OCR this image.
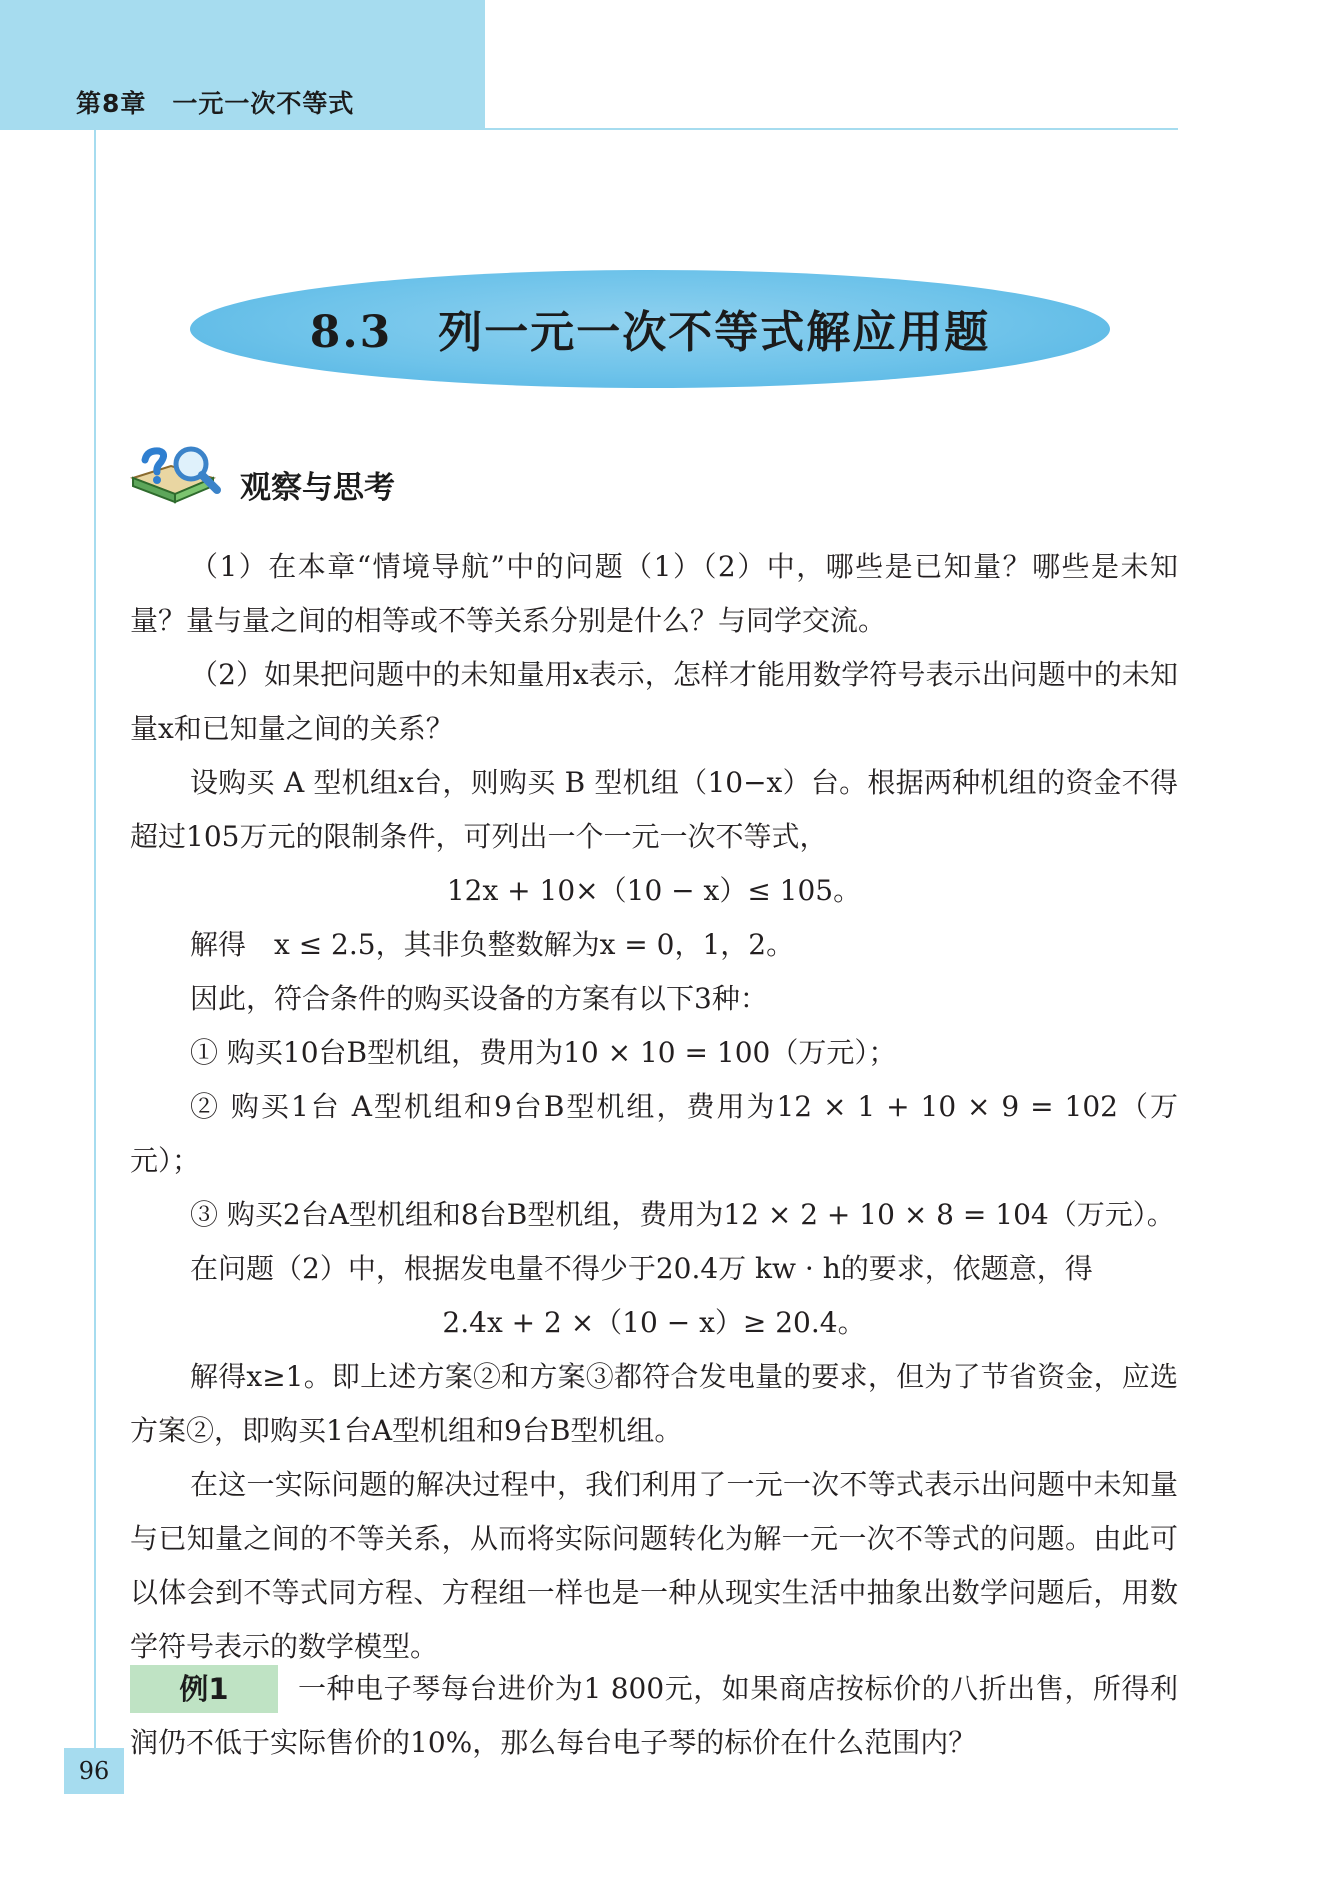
第8章　一元一次不等式
8.3　列一元一次不等式解应用题
观察与思考
（1）在本章“情境导航”中的问题（1）（2）中，哪些是已知量？哪些是未知量？量与量之间的相等或不等关系分别是什么？与同学交流。
（2）如果把问题中的未知量用x表示，怎样才能用数学符号表示出问题中的未知量x和已知量之间的关系？
设购买 A 型机组x台，则购买 B 型机组（10−x）台。根据两种机组的资金不得超过105万元的限制条件，可列出一个一元一次不等式，
12x + 10×（10 − x）≤ 105。
解得　x ≤ 2.5，其非负整数解为x = 0，1，2。
因此，符合条件的购买设备的方案有以下3种：
① 购买10台B型机组，费用为10 × 10 = 100（万元）；
② 购买1台 A型机组和9台B型机组，费用为12 × 1 + 10 × 9 = 102（万元）；
③ 购买2台A型机组和8台B型机组，费用为12 × 2 + 10 × 8 = 104（万元）。
在问题（2）中，根据发电量不得少于20.4万 kw · h的要求，依题意，得
2.4x + 2 ×（10 − x）≥ 20.4。
解得x≥1。即上述方案②和方案③都符合发电量的要求，但为了节省资金，应选方案②，即购买1台A型机组和9台B型机组。
在这一实际问题的解决过程中，我们利用了一元一次不等式表示出问题中未知量与已知量之间的不等关系，从而将实际问题转化为解一元一次不等式的问题。由此可以体会到不等式同方程、方程组一样也是一种从现实生活中抽象出数学问题后，用数学符号表示的数学模型。
例1	一种电子琴每台进价为1 800元，如果商店按标价的八折出售，所得利润仍不低于实际售价的10%，那么每台电子琴的标价在什么范围内？
96
